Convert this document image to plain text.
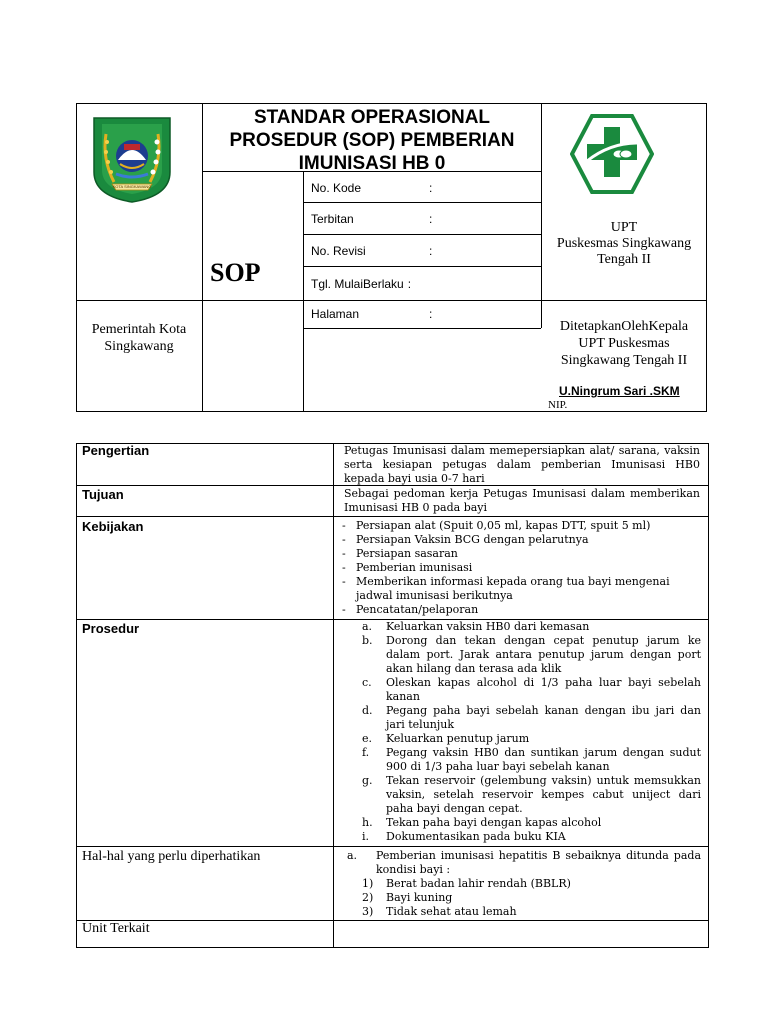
KOTA SINGKAWANG
STANDAR OPERASIONAL PROSEDUR (SOP) PEMBERIAN IMUNISASI HB 0
SOP
No. Kode	:
Terbitan	:
No. Revisi	:
Tgl. MulaiBerlaku :
Halaman	:
UPT
Puskesmas Singkawang
Tengah II
Pemerintah Kota Singkawang
DitetapkanOlehKepala
UPT Puskesmas
Singkawang Tengah II
U.Ningrum Sari .SKM
NIP.
Pengertian	Petugas Imunisasi dalam memepersiapkan alat/ sarana, vaksin serta kesiapan petugas dalam pemberian Imunisasi HB0 kepada bayi usia 0-7 hari
Tujuan	Sebagai pedoman kerja Petugas Imunisasi dalam memberikan Imunisasi HB 0 pada bayi
Kebijakan	- Persiapan alat (Spuit 0,05 ml, kapas DTT, spuit 5 ml)
- Persiapan Vaksin BCG dengan pelarutnya
- Persiapan sasaran
- Pemberian imunisasi
- Memberikan informasi kepada orang tua bayi mengenai jadwal imunisasi berikutnya
- Pencatatan/pelaporan
Prosedur	a. Keluarkan vaksin HB0 dari kemasan
b. Dorong dan tekan dengan cepat penutup jarum ke dalam port. Jarak antara penutup jarum dengan port akan hilang dan terasa ada klik
c. Oleskan kapas alcohol di 1/3 paha luar bayi sebelah kanan
d. Pegang paha bayi sebelah kanan dengan ibu jari dan jari telunjuk
e. Keluarkan penutup jarum
f. Pegang vaksin HB0 dan suntikan jarum dengan sudut 900 di 1/3 paha luar bayi sebelah kanan
g. Tekan reservoir (gelembung vaksin) untuk memsukkan vaksin, setelah reservoir kempes cabut uniject dari paha bayi dengan cepat.
h. Tekan paha bayi dengan kapas alcohol
i. Dokumentasikan pada buku KIA
Hal-hal yang perlu diperhatikan	a. Pemberian imunisasi hepatitis B sebaiknya ditunda pada kondisi bayi :
1) Berat badan lahir rendah (BBLR)
2) Bayi kuning
3) Tidak sehat atau lemah
Unit Terkait
